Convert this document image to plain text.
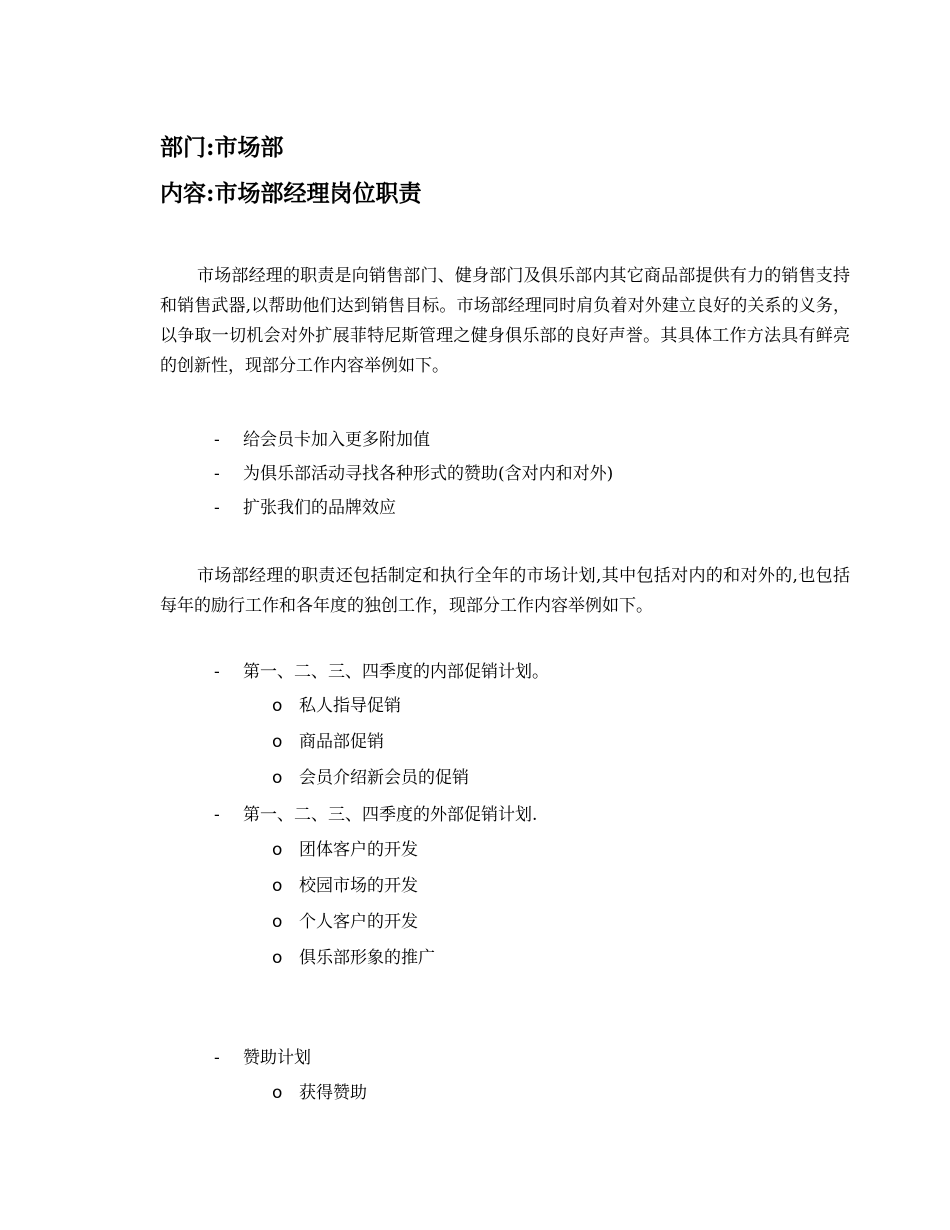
部门:市场部
内容:市场部经理岗位职责

市场部经理的职责是向销售部门、健身部门及俱乐部内其它商品部提供有力的销售支持和销售武器,以帮助他们达到销售目标。市场部经理同时肩负着对外建立良好的关系的义务，以争取一切机会对外扩展菲特尼斯管理之健身俱乐部的良好声誉。其具体工作方法具有鲜亮的创新性，现部分工作内容举例如下。

- 给会员卡加入更多附加值
- 为俱乐部活动寻找各种形式的赞助(含对内和对外)
- 扩张我们的品牌效应

市场部经理的职责还包括制定和执行全年的市场计划,其中包括对内的和对外的,也包括每年的励行工作和各年度的独创工作，现部分工作内容举例如下。

- 第一、二、三、四季度的内部促销计划。
o 私人指导促销
o 商品部促销
o 会员介绍新会员的促销
- 第一、二、三、四季度的外部促销计划.
o 团体客户的开发
o 校园市场的开发
o 个人客户的开发
o 俱乐部形象的推广
- 赞助计划
o 获得赞助
